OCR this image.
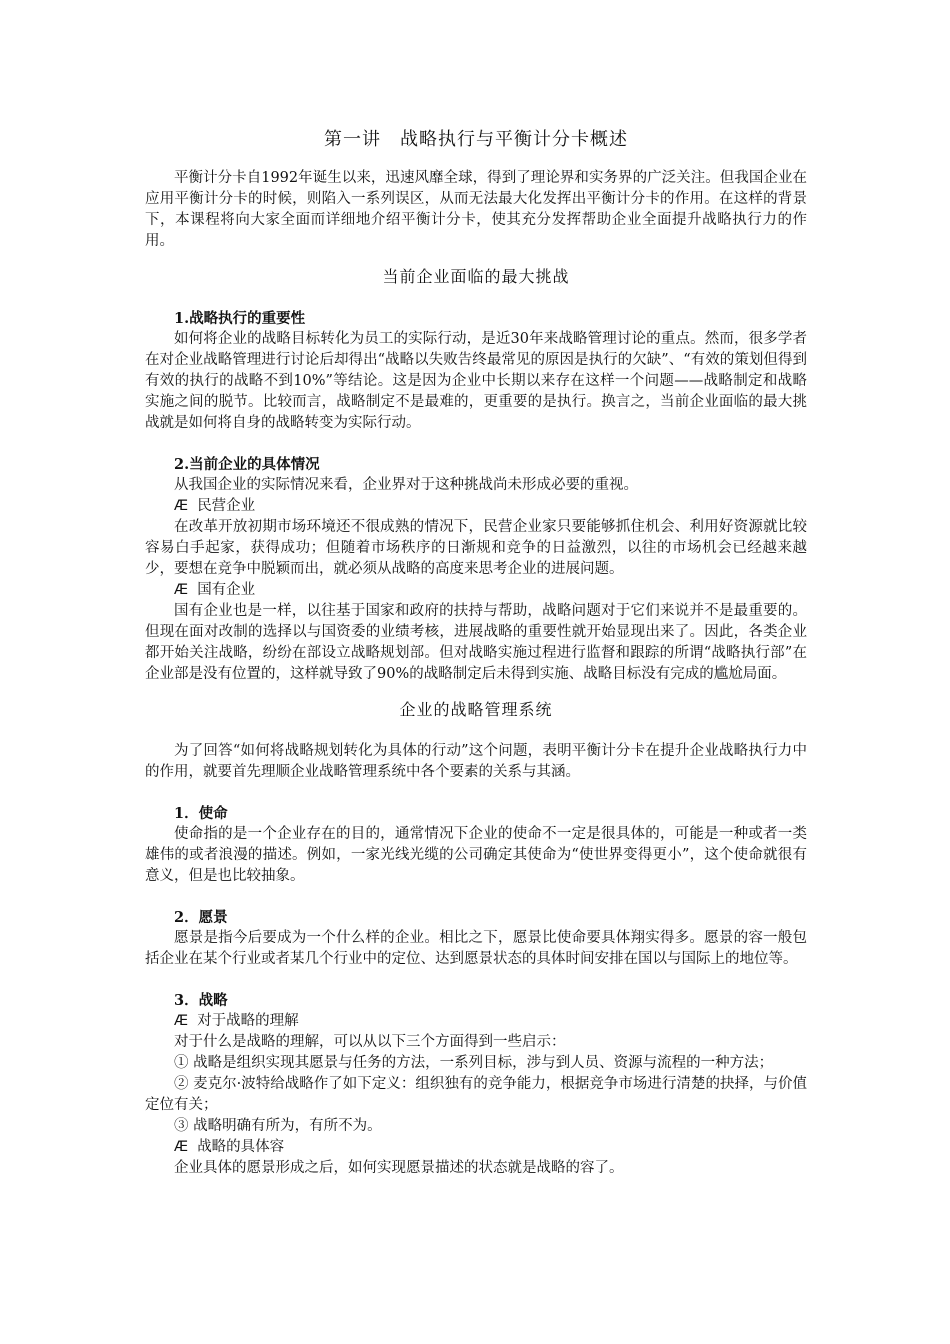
第一讲　战略执行与平衡计分卡概述

平衡计分卡自1992年诞生以来，迅速风靡全球，得到了理论界和实务界的广泛关注。但我国企业在应用平衡计分卡的时候，则陷入一系列误区，从而无法最大化发挥出平衡计分卡的作用。在这样的背景下，本课程将向大家全面而详细地介绍平衡计分卡，使其充分发挥帮助企业全面提升战略执行力的作用。

当前企业面临的最大挑战

1.战略执行的重要性

如何将企业的战略目标转化为员工的实际行动，是近30年来战略管理讨论的重点。然而，很多学者在对企业战略管理进行讨论后却得出“战略以失败告终最常见的原因是执行的欠缺”、“有效的策划但得到有效的执行的战略不到10%”等结论。这是因为企业中长期以来存在这样一个问题——战略制定和战略实施之间的脱节。比较而言，战略制定不是最难的，更重要的是执行。换言之，当前企业面临的最大挑战就是如何将自身的战略转变为实际行动。

2.当前企业的具体情况

从我国企业的实际情况来看，企业界对于这种挑战尚未形成必要的重视。

Æ 民营企业

在改革开放初期市场环境还不很成熟的情况下，民营企业家只要能够抓住机会、利用好资源就比较容易白手起家，获得成功；但随着市场秩序的日渐规和竞争的日益激烈，以往的市场机会已经越来越少，要想在竞争中脱颖而出，就必须从战略的高度来思考企业的进展问题。

Æ 国有企业

国有企业也是一样，以往基于国家和政府的扶持与帮助，战略问题对于它们来说并不是最重要的。但现在面对改制的选择以与国资委的业绩考核，进展战略的重要性就开始显现出来了。因此，各类企业都开始关注战略，纷纷在部设立战略规划部。但对战略实施过程进行监督和跟踪的所谓“战略执行部”在企业部是没有位置的，这样就导致了90%的战略制定后未得到实施、战略目标没有完成的尴尬局面。

企业的战略管理系统

为了回答“如何将战略规划转化为具体的行动”这个问题，表明平衡计分卡在提升企业战略执行力中的作用，就要首先理顺企业战略管理系统中各个要素的关系与其涵。

1．使命

使命指的是一个企业存在的目的，通常情况下企业的使命不一定是很具体的，可能是一种或者一类雄伟的或者浪漫的描述。例如，一家光线光缆的公司确定其使命为“使世界变得更小”，这个使命就很有意义，但是也比较抽象。

2．愿景

愿景是指今后要成为一个什么样的企业。相比之下，愿景比使命要具体翔实得多。愿景的容一般包括企业在某个行业或者某几个行业中的定位、达到愿景状态的具体时间安排在国以与国际上的地位等。

3．战略

Æ 对于战略的理解

对于什么是战略的理解，可以从以下三个方面得到一些启示：

① 战略是组织实现其愿景与任务的方法，一系列目标，涉与到人员、资源与流程的一种方法；

② 麦克尔·波特给战略作了如下定义：组织独有的竞争能力，根据竞争市场进行清楚的抉择，与价值定位有关；

③ 战略明确有所为，有所不为。

Æ 战略的具体容

企业具体的愿景形成之后，如何实现愿景描述的状态就是战略的容了。
